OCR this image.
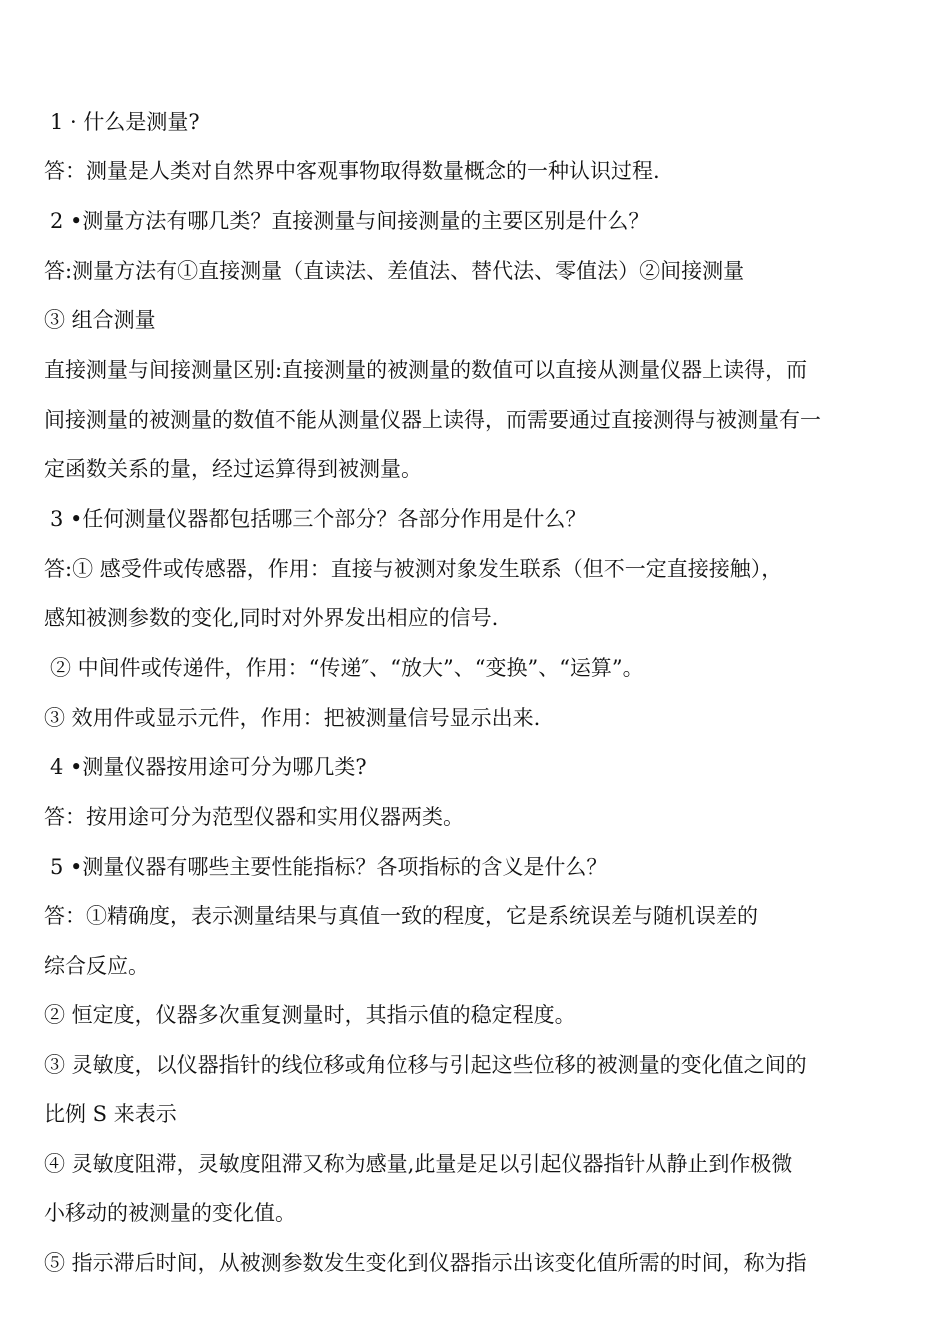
1 · 什么是测量?
答：测量是人类对自然界中客观事物取得数量概念的一种认识过程.
2 •测量方法有哪几类？直接测量与间接测量的主要区别是什么？
答:测量方法有①直接测量（直读法、差值法、替代法、零值法）②间接测量
③ 组合测量
直接测量与间接测量区别:直接测量的被测量的数值可以直接从测量仪器上读得，而
间接测量的被测量的数值不能从测量仪器上读得，而需要通过直接测得与被测量有一
定函数关系的量，经过运算得到被测量。
3 •任何测量仪器都包括哪三个部分？各部分作用是什么？
答:① 感受件或传感器，作用：直接与被测对象发生联系（但不一定直接接触），
感知被测参数的变化,同时对外界发出相应的信号.
② 中间件或传递件，作用：“传递″、“放大”、“变换”、“运算”。
③ 效用件或显示元件，作用：把被测量信号显示出来.
4 •测量仪器按用途可分为哪几类?
答：按用途可分为范型仪器和实用仪器两类。
5 •测量仪器有哪些主要性能指标？各项指标的含义是什么？
答：①精确度，表示测量结果与真值一致的程度，它是系统误差与随机误差的
综合反应。
② 恒定度，仪器多次重复测量时，其指示值的稳定程度。
③ 灵敏度，以仪器指针的线位移或角位移与引起这些位移的被测量的变化值之间的
比例 S 来表示
④ 灵敏度阻滞，灵敏度阻滞又称为感量,此量是足以引起仪器指针从静止到作极微
小移动的被测量的变化值。
⑤ 指示滞后时间，从被测参数发生变化到仪器指示出该变化值所需的时间，称为指
